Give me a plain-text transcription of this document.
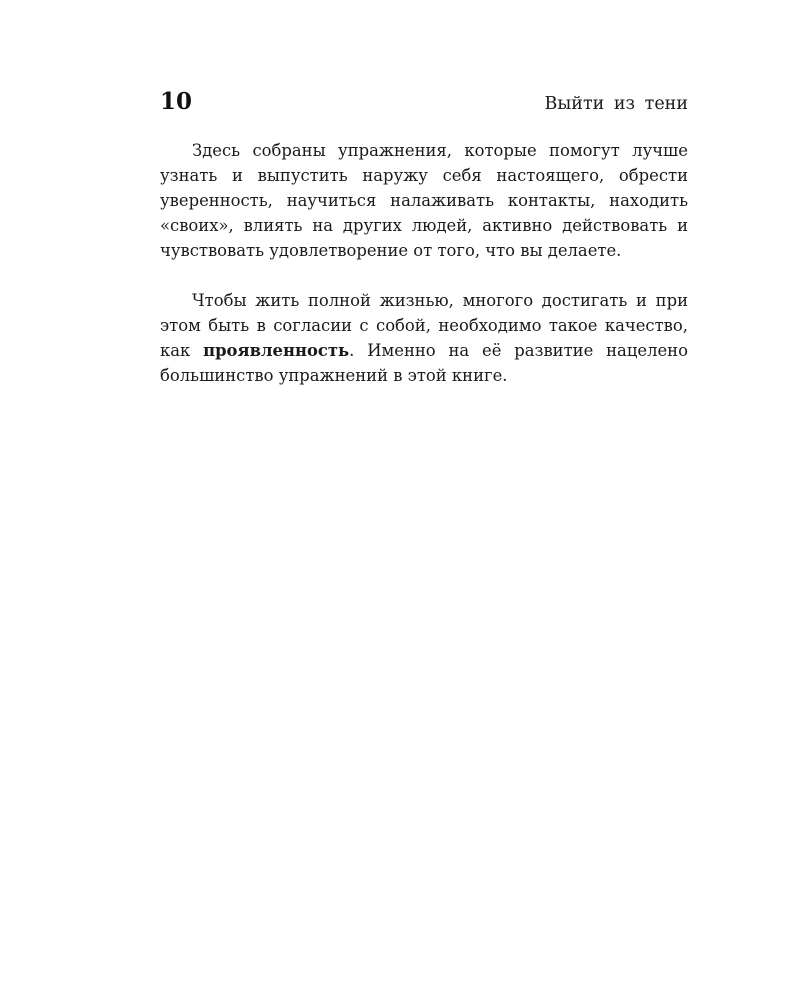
10	Выйти из тени

Здесь собраны упражнения, которые помогут лучше узнать и выпустить наружу себя настоящего, обрести уверенность, научиться налаживать контакты, находить «своих», влиять на других людей, активно действовать и чувствовать удовлетворение от того, что вы делаете.

Чтобы жить полной жизнью, многого достигать и при этом быть в согласии с собой, необходимо такое качество, как проявленность. Именно на её развитие нацелено большинство упражнений в этой книге.
